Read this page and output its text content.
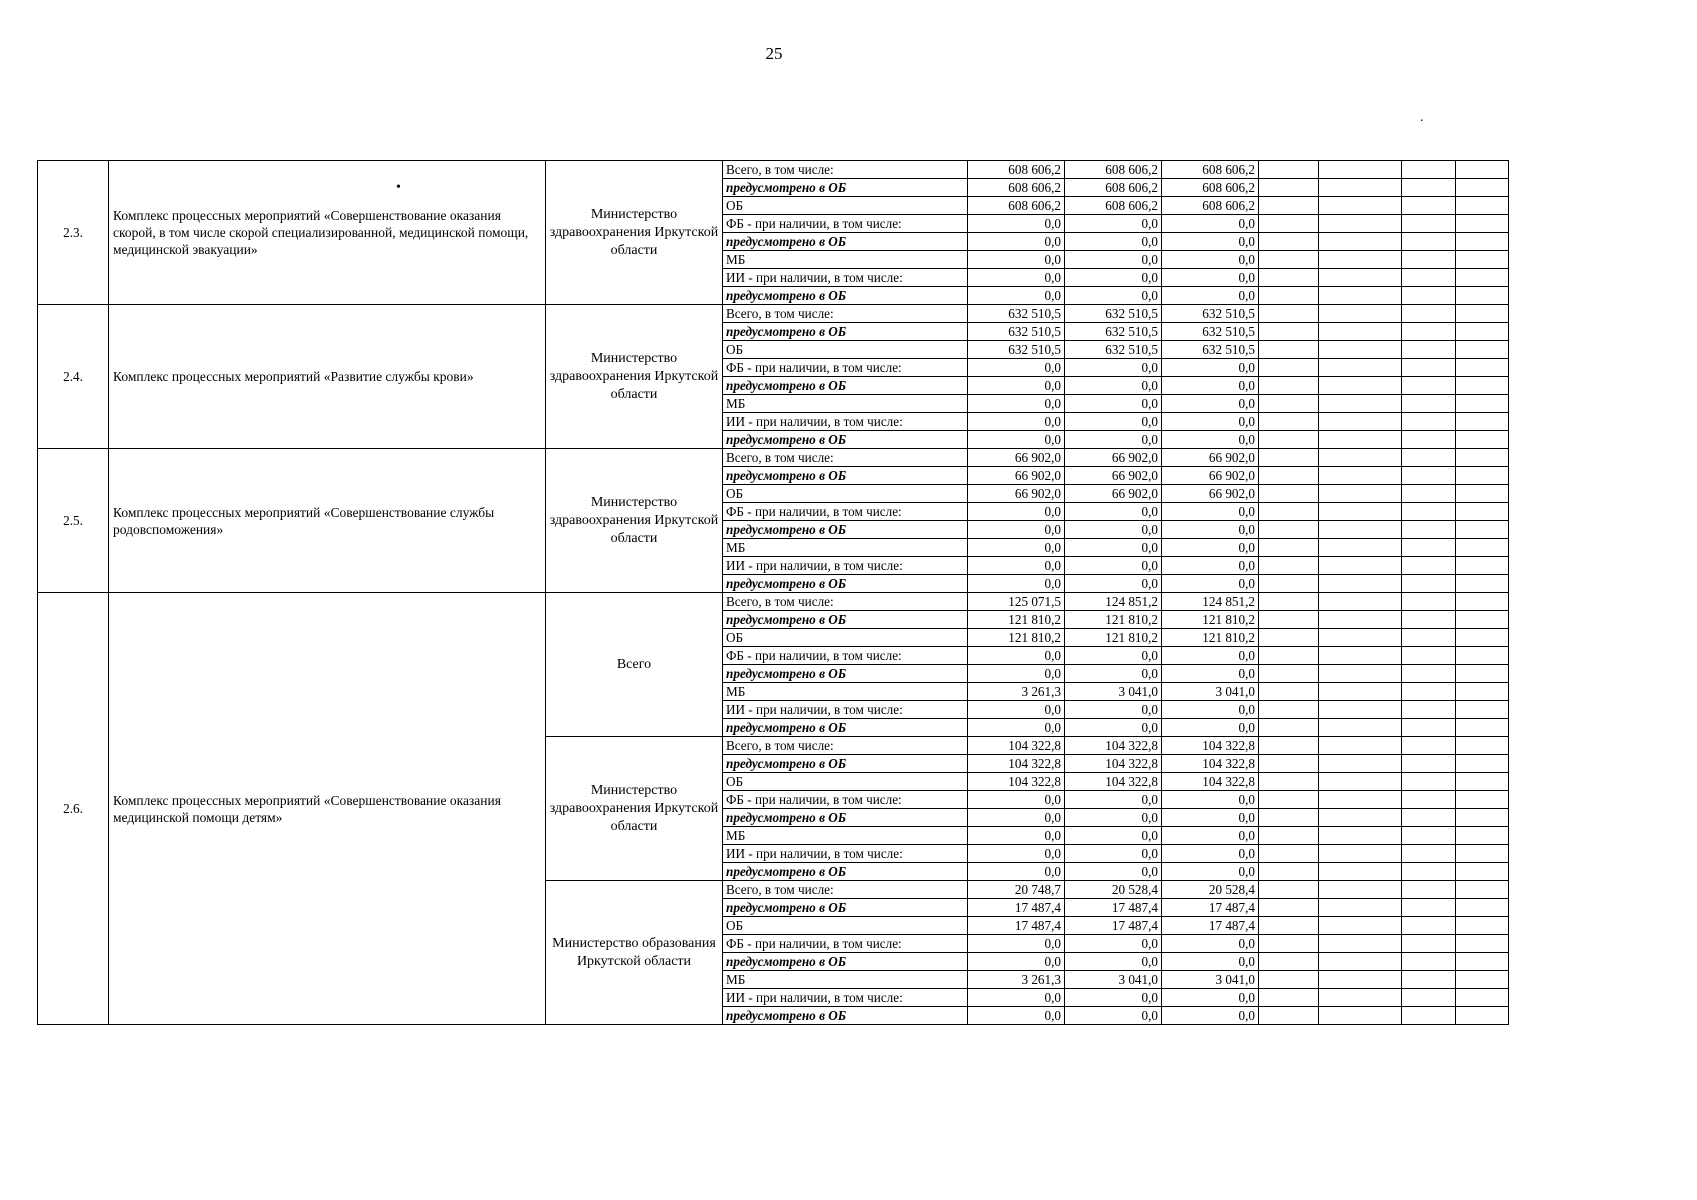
25
.
•
2.3.	Комплекс процессных мероприятий «Совершенствование оказания скорой, в том числе скорой специализированной, медицинской помощи, медицинской эвакуации»	Министерство здравоохранения Иркутской области	Всего, в том числе:	608 606,2	608 606,2	608 606,2				
			предусмотрено в ОБ	608 606,2	608 606,2	608 606,2				
			ОБ	608 606,2	608 606,2	608 606,2				
			ФБ - при наличии, в том числе:	0,0	0,0	0,0				
			предусмотрено в ОБ	0,0	0,0	0,0				
			МБ	0,0	0,0	0,0				
			ИИ - при наличии, в том числе:	0,0	0,0	0,0				
			предусмотрено в ОБ	0,0	0,0	0,0				
2.4.	Комплекс процессных мероприятий «Развитие службы крови»	Министерство здравоохранения Иркутской области	Всего, в том числе:	632 510,5	632 510,5	632 510,5				
			предусмотрено в ОБ	632 510,5	632 510,5	632 510,5				
			ОБ	632 510,5	632 510,5	632 510,5				
			ФБ - при наличии, в том числе:	0,0	0,0	0,0				
			предусмотрено в ОБ	0,0	0,0	0,0				
			МБ	0,0	0,0	0,0				
			ИИ - при наличии, в том числе:	0,0	0,0	0,0				
			предусмотрено в ОБ	0,0	0,0	0,0				
2.5.	Комплекс процессных мероприятий «Совершенствование службы родовспоможения»	Министерство здравоохранения Иркутской области	Всего, в том числе:	66 902,0	66 902,0	66 902,0				
			предусмотрено в ОБ	66 902,0	66 902,0	66 902,0				
			ОБ	66 902,0	66 902,0	66 902,0				
			ФБ - при наличии, в том числе:	0,0	0,0	0,0				
			предусмотрено в ОБ	0,0	0,0	0,0				
			МБ	0,0	0,0	0,0				
			ИИ - при наличии, в том числе:	0,0	0,0	0,0				
			предусмотрено в ОБ	0,0	0,0	0,0				
2.6.	Комплекс процессных мероприятий «Совершенствование оказания медицинской помощи детям»	Всего	Всего, в том числе:	125 071,5	124 851,2	124 851,2				
			предусмотрено в ОБ	121 810,2	121 810,2	121 810,2				
			ОБ	121 810,2	121 810,2	121 810,2				
			ФБ - при наличии, в том числе:	0,0	0,0	0,0				
			предусмотрено в ОБ	0,0	0,0	0,0				
			МБ	3 261,3	3 041,0	3 041,0				
			ИИ - при наличии, в том числе:	0,0	0,0	0,0				
			предусмотрено в ОБ	0,0	0,0	0,0				
		Министерство здравоохранения Иркутской области	Всего, в том числе:	104 322,8	104 322,8	104 322,8				
			предусмотрено в ОБ	104 322,8	104 322,8	104 322,8				
			ОБ	104 322,8	104 322,8	104 322,8				
			ФБ - при наличии, в том числе:	0,0	0,0	0,0				
			предусмотрено в ОБ	0,0	0,0	0,0				
			МБ	0,0	0,0	0,0				
			ИИ - при наличии, в том числе:	0,0	0,0	0,0				
			предусмотрено в ОБ	0,0	0,0	0,0				
		Министерство образования Иркутской области	Всего, в том числе:	20 748,7	20 528,4	20 528,4				
			предусмотрено в ОБ	17 487,4	17 487,4	17 487,4				
			ОБ	17 487,4	17 487,4	17 487,4				
			ФБ - при наличии, в том числе:	0,0	0,0	0,0				
			предусмотрено в ОБ	0,0	0,0	0,0				
			МБ	3 261,3	3 041,0	3 041,0				
			ИИ - при наличии, в том числе:	0,0	0,0	0,0				
			предусмотрено в ОБ	0,0	0,0	0,0				
